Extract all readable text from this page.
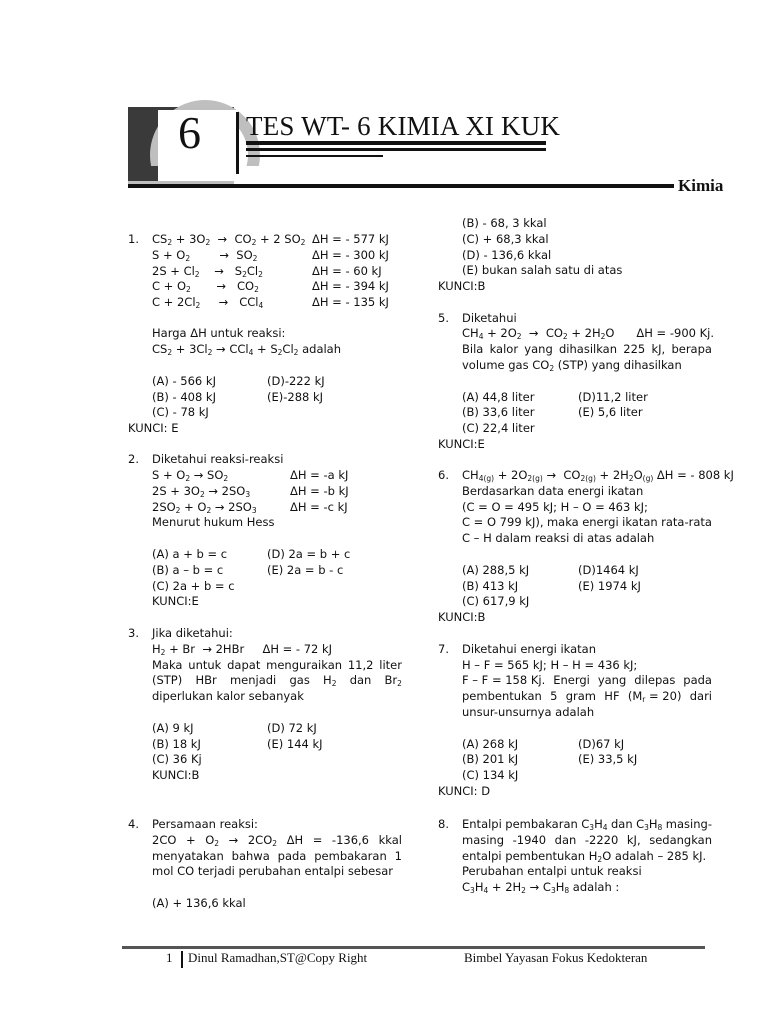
6 TES WT- 6 KIMIA XI KUK
Kimia
1. $CS_2 + 3O_2 \to CO_2 + 2$ $SO_2$ ΔH = - 577 kJ
$S + O_2$        →  $SO_2$	ΔH = - 300 kJ
$2S + Cl_2$    →   $S_2Cl_2$	ΔH = - 60 kJ
$C + O_2$       →   $CO_2$	ΔH = - 394 kJ
$C + 2Cl_2$     →   CCl$_4$	ΔH = - 135 kJ
Harga ΔH untuk reaksi:
$CS_2 + 3Cl_2 \to CCl_4 + S_2Cl_2$ adalah
(A) - 566 kJ	(D)-222 kJ
(B) - 408 kJ	(E)-288 kJ
(C) - 78 kJ
KUNCI: E
2. Diketahui reaksi-reaksi
$S + O_2 \to SO_2$	ΔH = -a kJ
$2S + 3O_2 \to 2SO_3$	ΔH = -b kJ
$2SO_2 + O_2 \to 2SO_3$	ΔH = -c kJ
Menurut hukum Hess
(A) a + b = c	(D) 2a = b + c
(B) a – b = c	(E) 2a = b - c
(C) 2a + b = c
KUNCI:E
3. Jika diketahui:
$H_2 + Br \to 2HBr$     ΔH = - 72 kJ
Maka untuk dapat menguraikan 11,2 liter
(STP) HBr menjadi gas $H_2$ dan $Br_2$
diperlukan kalor sebanyak
(A) 9 kJ	(D) 72 kJ
(B) 18 kJ	(E) 144 kJ
(C) 36 Kj
KUNCI:B
4. Persamaan reaksi:
$2CO + O_2 \to 2CO_2$ ΔH = -136,6 kkal
menyatakan bahwa pada pembakaran 1
mol CO terjadi perubahan entalpi sebesar
(A) + 136,6 kkal
(B) - 68, 3 kkal
(C) + 68,3 kkal
(D) - 136,6 kkal
(E) bukan salah satu di atas
KUNCI:B
5. Diketahui
$CH_4 + 2O_2 \to CO_2 + 2H_2O$      ΔH = -900 Kj.
Bila kalor yang dihasilkan 225 kJ, berapa
volume gas $CO_2$ (STP) yang dihasilkan
(A) 44,8 liter	(D)11,2 liter
(B) 33,6 liter	(E) 5,6 liter
(C) 22,4 liter
KUNCI:E
6. $CH_{4(g)} + 2O_{2(g)} \to CO_{2(g)} + 2H_2O_{(g)}$ ΔH = - 808 kJ
Berdasarkan data energi ikatan
(C = O = 495 kJ; H – O = 463 kJ;
C = O 799 kJ), maka energi ikatan rata-rata
C – H dalam reaksi di atas adalah
(A) 288,5 kJ	(D)1464 kJ
(B) 413 kJ	(E) 1974 kJ
(C) 617,9 kJ
KUNCI:B
7. Diketahui energi ikatan
H – F = 565 kJ; H – H = 436 kJ;
F – F = 158 Kj. Energi yang dilepas pada
pembentukan 5 gram HF $(M_r = 20)$ dari
unsur-unsurnya adalah
(A) 268 kJ	(D)67 kJ
(B) 201 kJ	(E) 33,5 kJ
(C) 134 kJ
KUNCI: D
8. Entalpi pembakaran $C_3H_4$ dan $C_3H_8$ masing-
masing -1940 dan -2220 kJ, sedangkan
entalpi pembentukan $H_2O$ adalah – 285 kJ.
Perubahan entalpi untuk reaksi
$C_3H_4 + 2H_2 \to C_3H_8$ adalah :
1 Dinul Ramadhan,ST@Copy Right	Bimbel Yayasan Fokus Kedokteran
